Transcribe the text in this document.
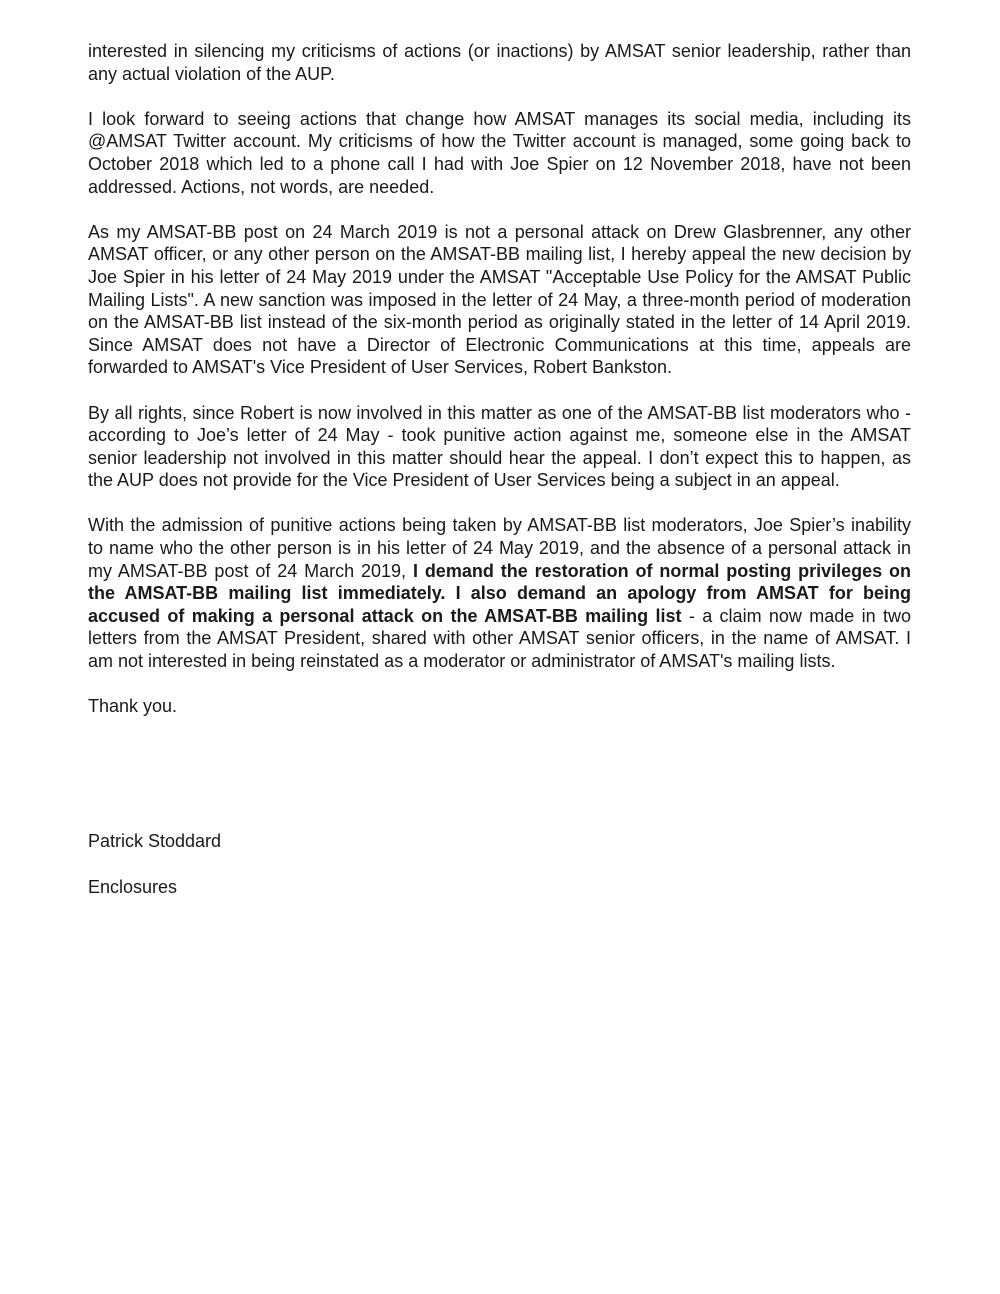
interested in silencing my criticisms of actions (or inactions) by AMSAT senior leadership, rather than any actual violation of the AUP.

I look forward to seeing actions that change how AMSAT manages its social media, including its @AMSAT Twitter account. My criticisms of how the Twitter account is managed, some going back to October 2018 which led to a phone call I had with Joe Spier on 12 November 2018, have not been addressed. Actions, not words, are needed.

As my AMSAT-BB post on 24 March 2019 is not a personal attack on Drew Glasbrenner, any other AMSAT officer, or any other person on the AMSAT-BB mailing list, I hereby appeal the new decision by Joe Spier in his letter of 24 May 2019 under the AMSAT "Acceptable Use Policy for the AMSAT Public Mailing Lists". A new sanction was imposed in the letter of 24 May, a three-month period of moderation on the AMSAT-BB list instead of the six-month period as originally stated in the letter of 14 April 2019. Since AMSAT does not have a Director of Electronic Communications at this time, appeals are forwarded to AMSAT's Vice President of User Services, Robert Bankston.

By all rights, since Robert is now involved in this matter as one of the AMSAT-BB list moderators who - according to Joe’s letter of 24 May - took punitive action against me, someone else in the AMSAT senior leadership not involved in this matter should hear the appeal. I don’t expect this to happen, as the AUP does not provide for the Vice President of User Services being a subject in an appeal.

With the admission of punitive actions being taken by AMSAT-BB list moderators, Joe Spier’s inability to name who the other person is in his letter of 24 May 2019, and the absence of a personal attack in my AMSAT-BB post of 24 March 2019, I demand the restoration of normal posting privileges on the AMSAT-BB mailing list immediately. I also demand an apology from AMSAT for being accused of making a personal attack on the AMSAT-BB mailing list - a claim now made in two letters from the AMSAT President, shared with other AMSAT senior officers, in the name of AMSAT. I am not interested in being reinstated as a moderator or administrator of AMSAT's mailing lists.

Thank you.

Patrick Stoddard

Enclosures
